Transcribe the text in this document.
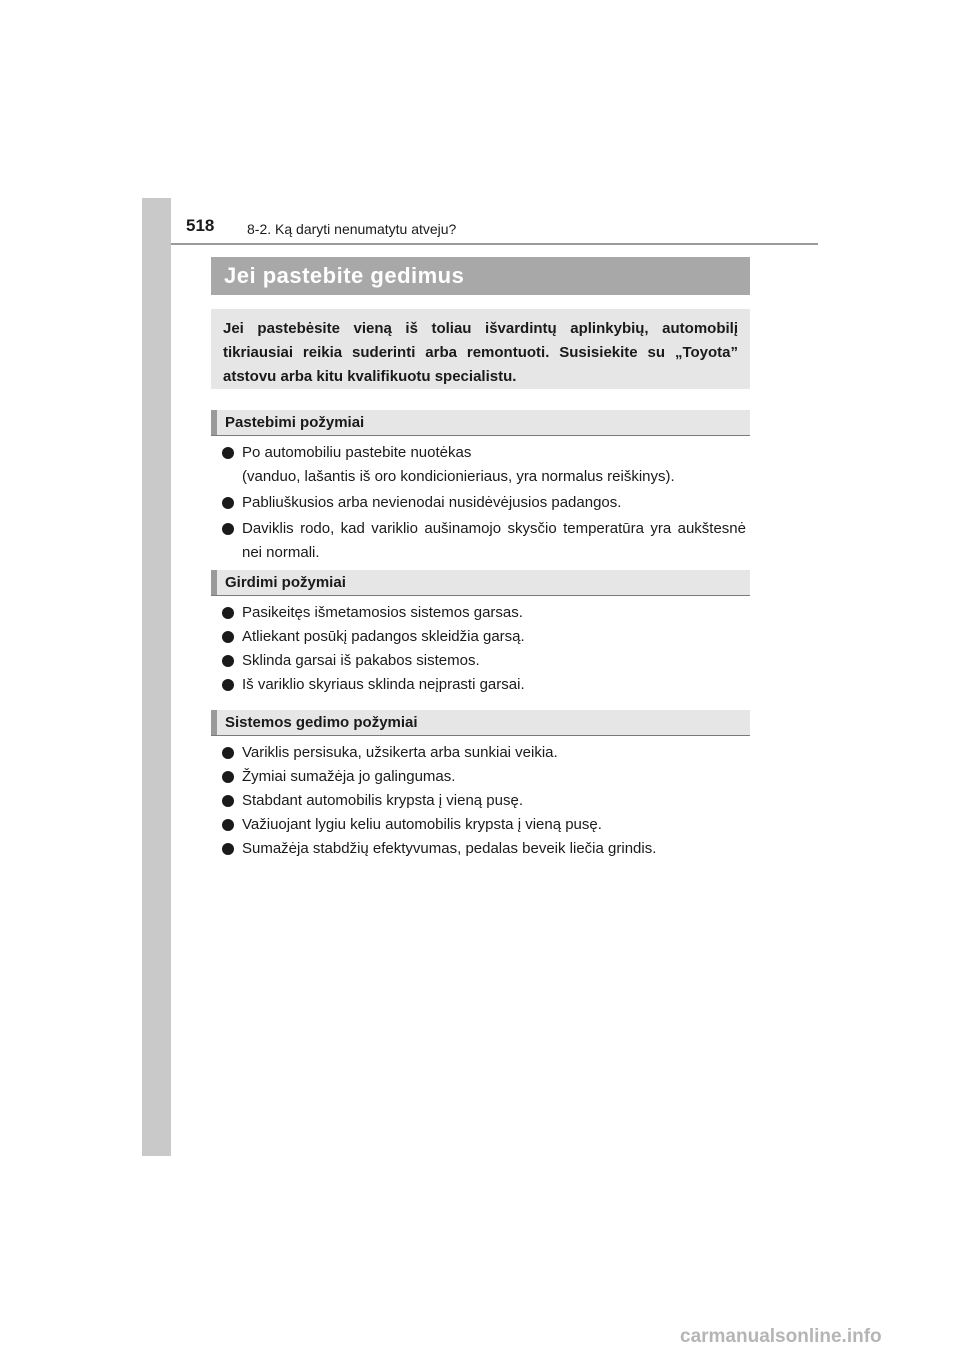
518 8-2. Ką daryti nenumatytu atveju?
Jei pastebite gedimus
Jei pastebėsite vieną iš toliau išvardintų aplinkybių, automobilį tikriausiai reikia suderinti arba remontuoti. Susisiekite su „Toyota” atstovu arba kitu kvalifikuotu specialistu.
Pastebimi požymiai
Po automobiliu pastebite nuotėkas
(vanduo, lašantis iš oro kondicionieriaus, yra normalus reiškinys).
Pabliuškusios arba nevienodai nusidėvėjusios padangos.
Daviklis rodo, kad variklio aušinamojo skysčio temperatūra yra aukštesnė nei normali.
Girdimi požymiai
Pasikeitęs išmetamosios sistemos garsas.
Atliekant posūkį padangos skleidžia garsą.
Sklinda garsai iš pakabos sistemos.
Iš variklio skyriaus sklinda neįprasti garsai.
Sistemos gedimo požymiai
Variklis persisuka, užsikerta arba sunkiai veikia.
Žymiai sumažėja jo galingumas.
Stabdant automobilis krypsta į vieną pusę.
Važiuojant lygiu keliu automobilis krypsta į vieną pusę.
Sumažėja stabdžių efektyvumas, pedalas beveik liečia grindis.
carmanualsonline.info
